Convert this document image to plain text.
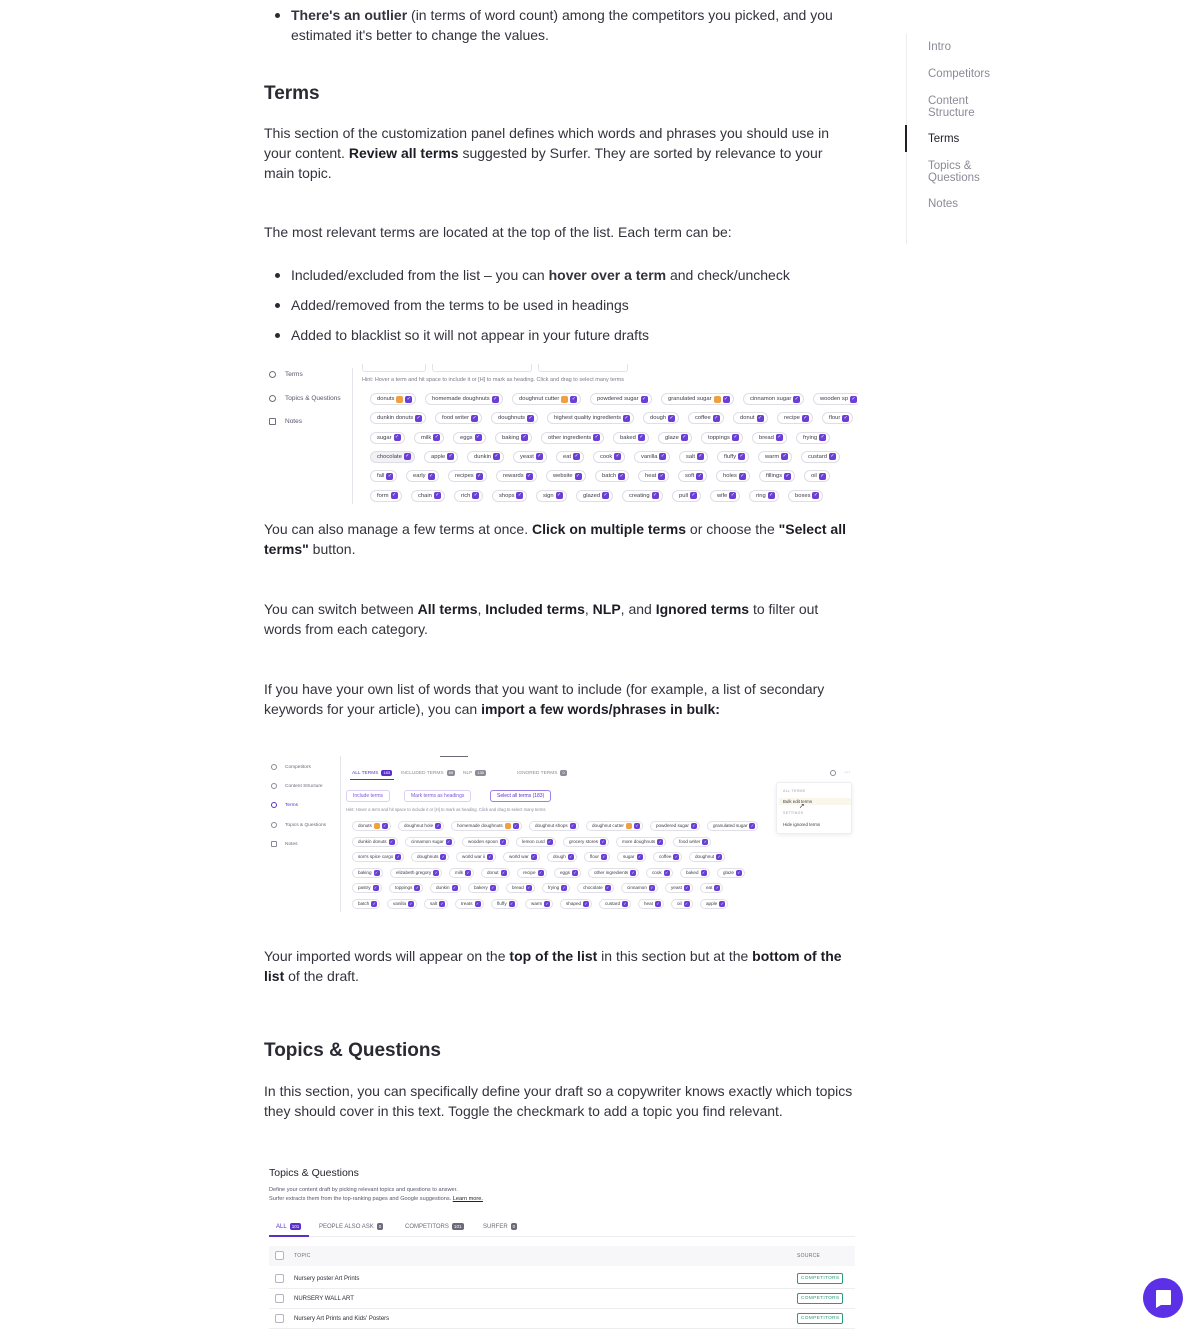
There's an outlier (in terms of word count) among the competitors you picked, and you estimated it's better to change the values.
Terms

This section of the customization panel defines which words and phrases you should use in your content. Review all terms suggested by Surfer. They are sorted by relevance to your main topic.

The most relevant terms are located at the top of the list. Each term can be:

Included/excluded from the list – you can hover over a term and check/uncheck
Added/removed from the terms to be used in headings
Added to blacklist so it will not appear in your future drafts

You can also manage a few terms at once. Click on multiple terms or choose the "Select all terms" button.

You can switch between All terms, Included terms, NLP, and Ignored terms to filter out words from each category.

If you have your own list of words that you want to include (for example, a list of secondary keywords for your article), you can import a few words/phrases in bulk:

Your imported words will appear on the top of the list in this section but at the bottom of the list of the draft.

Topics & Questions

In this section, you can specifically define your draft so a copywriter knows exactly which topics they should cover in this text. Toggle the checkmark to add a topic you find relevant.

Intro
Competitors
Content Structure
Terms
Topics & Questions
Notes
Terms
Topics & Questions
Notes
Hint: Hover a term and hit space to include it or [H] to mark as heading. Click and drag to select many terms
donuts ✓	homemade doughnuts ✓	doughnut cutter ✓	powdered sugar ✓	granulated sugar ✓	cinnamon sugar ✓	wooden sp ✓
dunkin donuts ✓	food writer ✓	doughnuts ✓	highest quality ingredients ✓	dough ✓	coffee ✓	donut ✓	recipe ✓	flour ✓
sugar ✓	milk ✓	eggs ✓	baking ✓	other ingredients ✓	baked ✓	glaze ✓	toppings ✓	bread ✓	frying ✓
chocolate ✓	apple ✓	dunkin ✓	yeast ✓	eat ✓	cook ✓	vanilla ✓	salt ✓	fluffy ✓	warm ✓	custard ✓
fall ✓	early ✓	recipes ✓	rewards ✓	website ✓	batch ✓	heat ✓	soft ✓	holes ✓	fillings ✓	oil ✓
form ✓	chain ✓	rich ✓	shops ✓	sign ✓	glazed ✓	creating ✓	pull ✓	wife ✓	ring ✓	boxes ✓
Competitors
Content Structure
Terms
Topics & Questions
Notes
ALL TERMS	183	INCLUDED TERMS	69	NLP	130	IGNORED TERMS	0	⋯
Include terms	Mark terms as headings	Select all terms (183)
Hint: Hover a term and hit space to include it or [H] to mark as heading. Click and drag to select many terms
ALL TERMS
Bulk edit terms
SETTINGS
Hide ignored terms
➚
donuts	✓	doughnut hole ✓	homemade doughnuts	✓	doughnut shops ✓	doughnut cutter	✓	powdered sugar ✓	granulated sugar ✓
dunkin donuts ✓	cinnamon sugar ✓	wooden spoon ✓	lemon curd ✓	grocery stores ✓	more doughnuts ✓	food writer ✓
son's spice cargo ✓	doughnuts ✓	world war ii ✓	world war ✓	dough ✓	flour ✓	sugar ✓	coffee ✓	doughnut ✓
baking ✓	elizabeth gregory ✓	milk ✓	donut ✓	recipe ✓	eggs ✓	other ingredients ✓	cook ✓	baked ✓	glaze ✓
pastry ✓	toppings ✓	dunkin ✓	bakery ✓	bread ✓	frying ✓	chocolate ✓	cinnamon ✓	yeast ✓	eat ✓
batch ✓	vanilla ✓	salt ✓	treats ✓	fluffy ✓	warm ✓	shaped ✓	custard ✓	heat ✓	oil ✓	apple ✓
Topics & Questions
Define your content draft by picking relevant topics and questions to answer.
Surfer extracts them from the top-ranking pages and Google suggestions. Learn more.
ALL	101	PEOPLE ALSO ASK	0	COMPETITORS	101	SURFER	0
TOPIC	SOURCE
Nursery poster Art Prints	COMPETITORS
NURSERY WALL ART	COMPETITORS
Nursery Art Prints and Kids' Posters	COMPETITORS
